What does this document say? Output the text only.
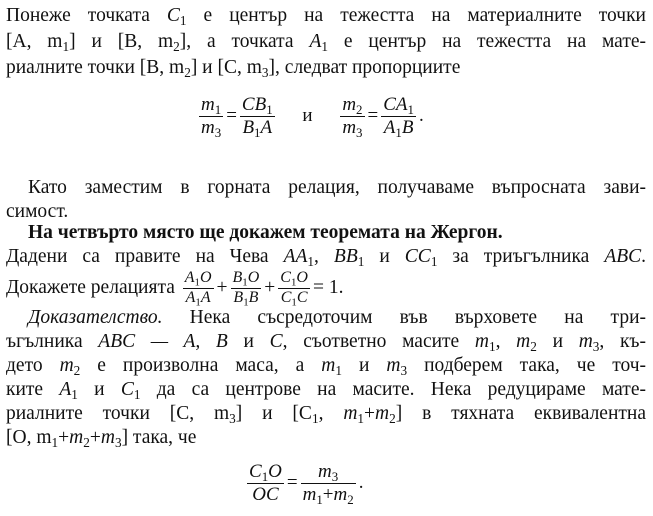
Понеже точката $C_1$ е център на тежестта на материалните точки
[A, $m_1$] и [B, $m_2$], а точката $A_1$ е център на тежестта на мате-
риалните точки [B, $m_2$] и [C, $m_3$], следват пропорциите
$\frac{m_1}{m_3} = \frac{CB_1}{B_1A}$ и $\frac{m_2}{m_3} = \frac{CA_1}{A_1B}$ .
Като заместим в горната релация, получаваме въпросната зави-
симост.
На четвърто място ще докажем теоремата на Жергон.
Дадени са правите на Чева $AA_1$, $BB_1$ и $CC_1$ за триъгълника ABC.
Докажете релацията $\frac{A_1O}{A_1A} + \frac{B_1O}{B_1B} + \frac{C_1O}{C_1C} = 1$.
Доказателство. Нека съсредоточим във върховете на три-
ъгълника ABC — A, B и C, съответно масите $m_1$, $m_2$ и $m_3$, къ-
дето $m_2$ е произволна маса, а $m_1$ и $m_3$ подберем така, че точ-
ките $A_1$ и $C_1$ да са центрове на масите. Нека редуцираме мате-
риалните точки [C, $m_3$] и [$C_1$, $m_1+m_2$] в тяхната еквивалентна
[O, $m_1+m_2+m_3$] така, че
$\frac{C_1O}{OC} = \frac{m_3}{m_1+m_2}$ .
